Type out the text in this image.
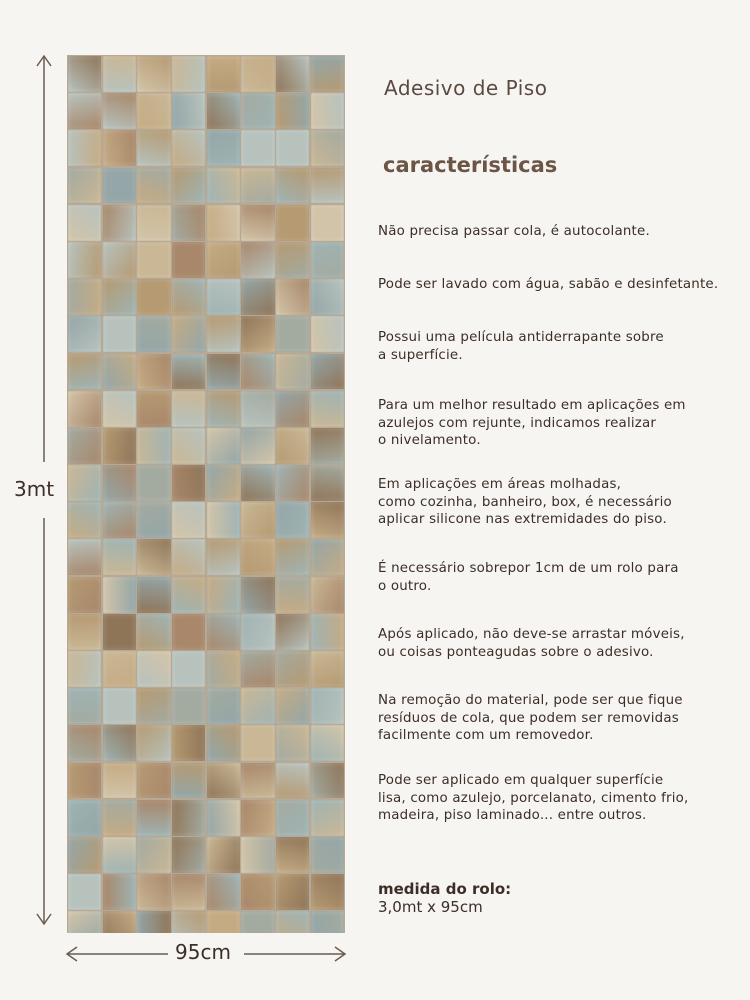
3mt
95cm
Adesivo de Piso
características
Não precisa passar cola, é autocolante.
Pode ser lavado com água, sabão e desinfetante.
Possui uma película antiderrapante sobre
a superfície.
Para um melhor resultado em aplicações em
azulejos com rejunte, indicamos realizar
o nivelamento.
Em aplicações em áreas molhadas,
como cozinha, banheiro, box, é necessário
aplicar silicone nas extremidades do piso.
É necessário sobrepor 1cm de um rolo para
o outro.
Após aplicado, não deve-se arrastar móveis,
ou coisas ponteagudas sobre o adesivo.
Na remoção do material, pode ser que fique
resíduos de cola, que podem ser removidas
facilmente com um removedor.
Pode ser aplicado em qualquer superfície
lisa, como azulejo, porcelanato, cimento frio,
madeira, piso laminado... entre outros.
medida do rolo:
3,0mt x 95cm
